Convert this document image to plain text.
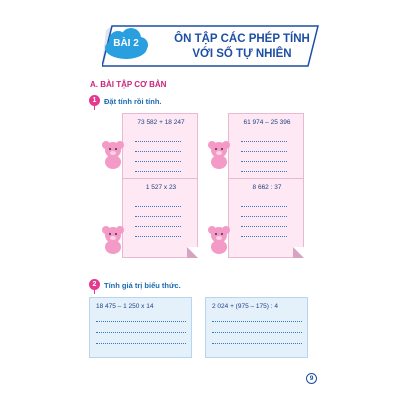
BÀI 2	ÔN TẬP CÁC PHÉP TÍNH
VỚI SỐ TỰ NHIÊN
A. BÀI TẬP CƠ BẢN
1	Đặt tính rồi tính.
73 582 + 18 247	61 974 – 25 396
1 527 x 23	8 662 : 37
2	Tính giá trị biểu thức.
18 475 – 1 250 x 14	2 024 + (975 – 175) : 4
9
